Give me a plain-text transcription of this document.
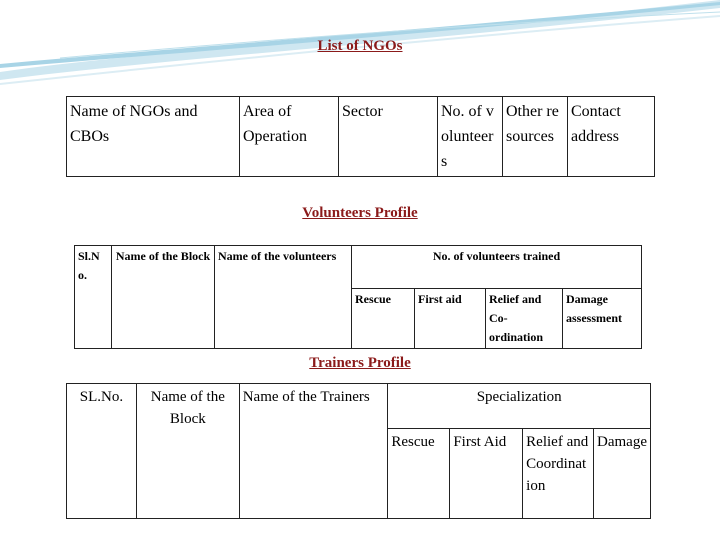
List of NGOs
Name of NGOs and CBOs	Area of Operation	Sector	No. of volunteers	Other resources	Contact address
Volunteers Profile
Sl.No.	Name of the Block	Name of the volunteers	No. of volunteers trained			
			Rescue	First aid	Relief and Co-ordination	Damage assessment
Trainers Profile
SL.No.	Name of the Block	Name of the Trainers	Specialization			
			Rescue	First Aid	Relief and Coordination	Damage
